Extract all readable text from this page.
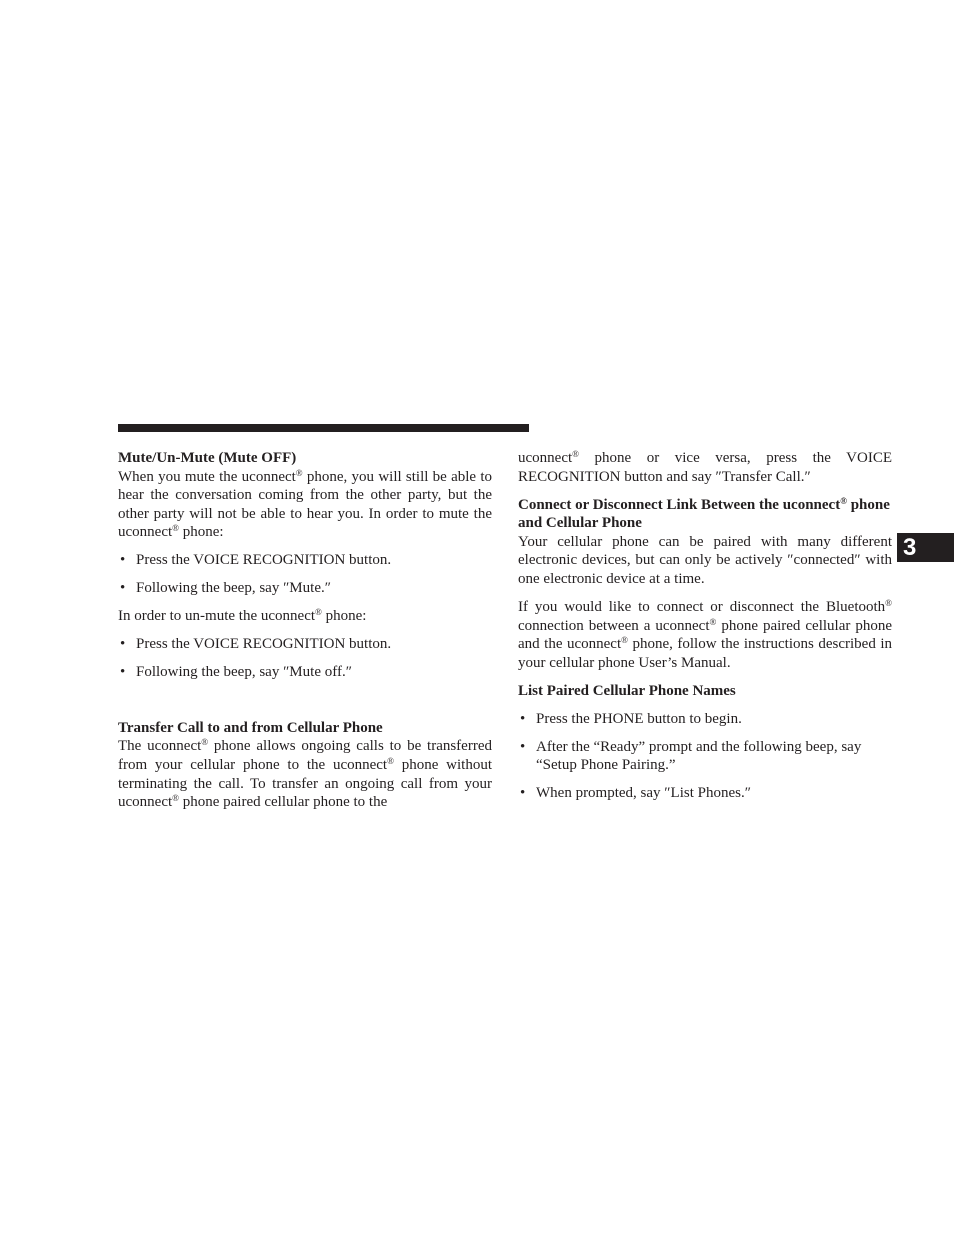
3
Mute/Un-Mute (Mute OFF)

When you mute the uconnect® phone, you will still be able to hear the conversation coming from the other party, but the other party will not be able to hear you. In order to mute the uconnect® phone:

• Press the VOICE RECOGNITION button.
• Following the beep, say ″Mute.″

In order to un-mute the uconnect® phone:

• Press the VOICE RECOGNITION button.
• Following the beep, say ″Mute off.″
Transfer Call to and from Cellular Phone

The uconnect® phone allows ongoing calls to be transferred from your cellular phone to the uconnect® phone without terminating the call. To transfer an ongoing call from your uconnect® phone paired cellular phone to the

uconnect® phone or vice versa, press the VOICE RECOGNITION button and say ″Transfer Call.″

Connect or Disconnect Link Between the uconnect® phone and Cellular Phone

Your cellular phone can be paired with many different electronic devices, but can only be actively ″connected″ with one electronic device at a time.

If you would like to connect or disconnect the Bluetooth® connection between a uconnect® phone paired cellular phone and the uconnect® phone, follow the instructions described in your cellular phone User’s Manual.

List Paired Cellular Phone Names
• Press the PHONE button to begin.
• After the “Ready” prompt and the following beep, say “Setup Phone Pairing.”
• When prompted, say ″List Phones.″
